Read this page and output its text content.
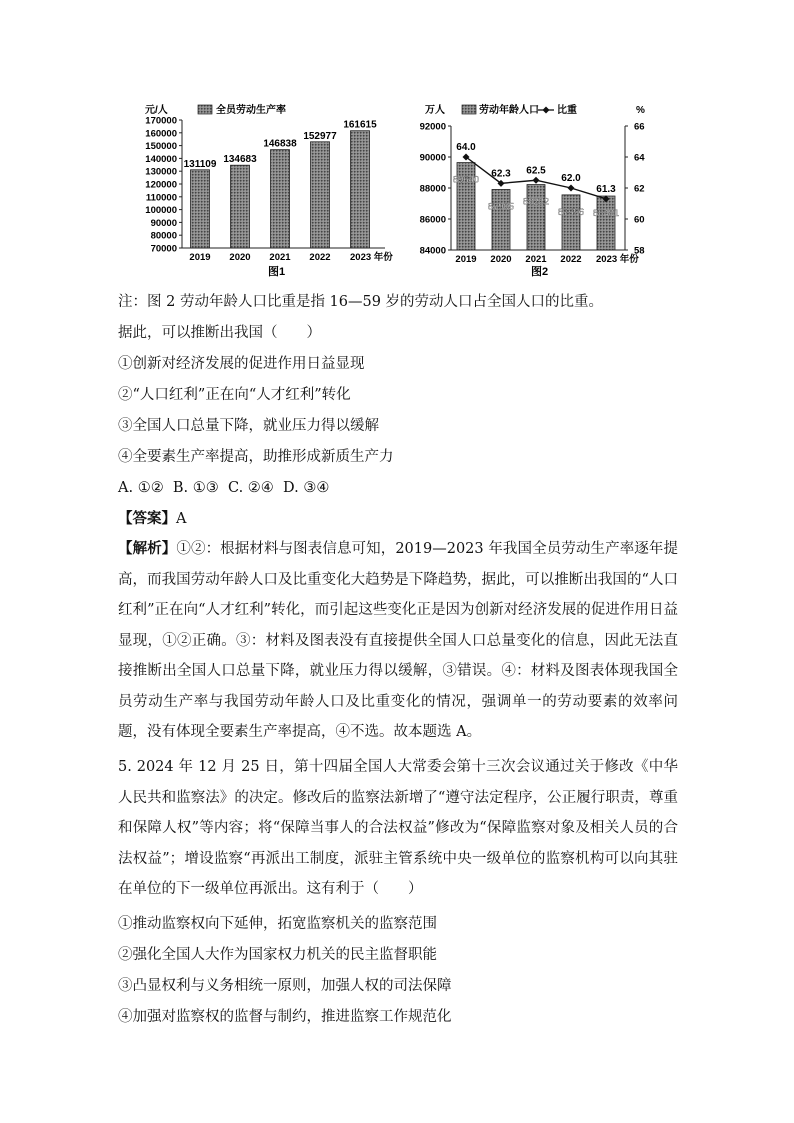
元/人	全员劳动生产率
70000
80000
90000
100000
110000
120000
130000
140000
150000
160000
170000
131109 134683
146838
152977
161615
2019 2020 2021 2022 2023 年份
图1
万人	劳动年龄人口 比重	%
84000
86000
88000
90000
92000
58
60
62
64
66
89640
87905 88222
87556 86481
64.0
62.3 62.5
62.0
61.3
2019 2020 2021 2022 2023 年份
图2
注：图 2 劳动年龄人口比重是指 16—59 岁的劳动人口占全国人口的比重。
据此，可以推断出我国（　　）
①创新对经济发展的促进作用日益显现
②“人口红利”正在向“人才红利”转化
③全国人口总量下降，就业压力得以缓解
④全要素生产率提高，助推形成新质生产力
A. ①②  B. ①③  C. ②④  D. ③④
【答案】A
【解析】①②：根据材料与图表信息可知，2019—2023 年我国全员劳动生产率逐年提高，而我国劳动年龄人口及比重变化大趋势是下降趋势，据此，可以推断出我国的“人口红利”正在向“人才红利”转化，而引起这些变化正是因为创新对经济发展的促进作用日益显现，①②正确。③：材料及图表没有直接提供全国人口总量变化的信息，因此无法直接推断出全国人口总量下降，就业压力得以缓解，③错误。④：材料及图表体现我国全员劳动生产率与我国劳动年龄人口及比重变化的情况，强调单一的劳动要素的效率问题，没有体现全要素生产率提高，④不选。故本题选 A。
5. 2024 年 12 月 25 日，第十四届全国人大常委会第十三次会议通过关于修改《中华人民共和监察法》的决定。修改后的监察法新增了“遵守法定程序，公正履行职责，尊重和保障人权”等内容；将“保障当事人的合法权益”修改为“保障监察对象及相关人员的合法权益”；增设监察“再派出工制度，派驻主管系统中央一级单位的监察机构可以向其驻在单位的下一级单位再派出。这有利于（　　）
①推动监察权向下延伸，拓宽监察机关的监察范围
②强化全国人大作为国家权力机关的民主监督职能
③凸显权利与义务相统一原则，加强人权的司法保障
④加强对监察权的监督与制约，推进监察工作规范化
